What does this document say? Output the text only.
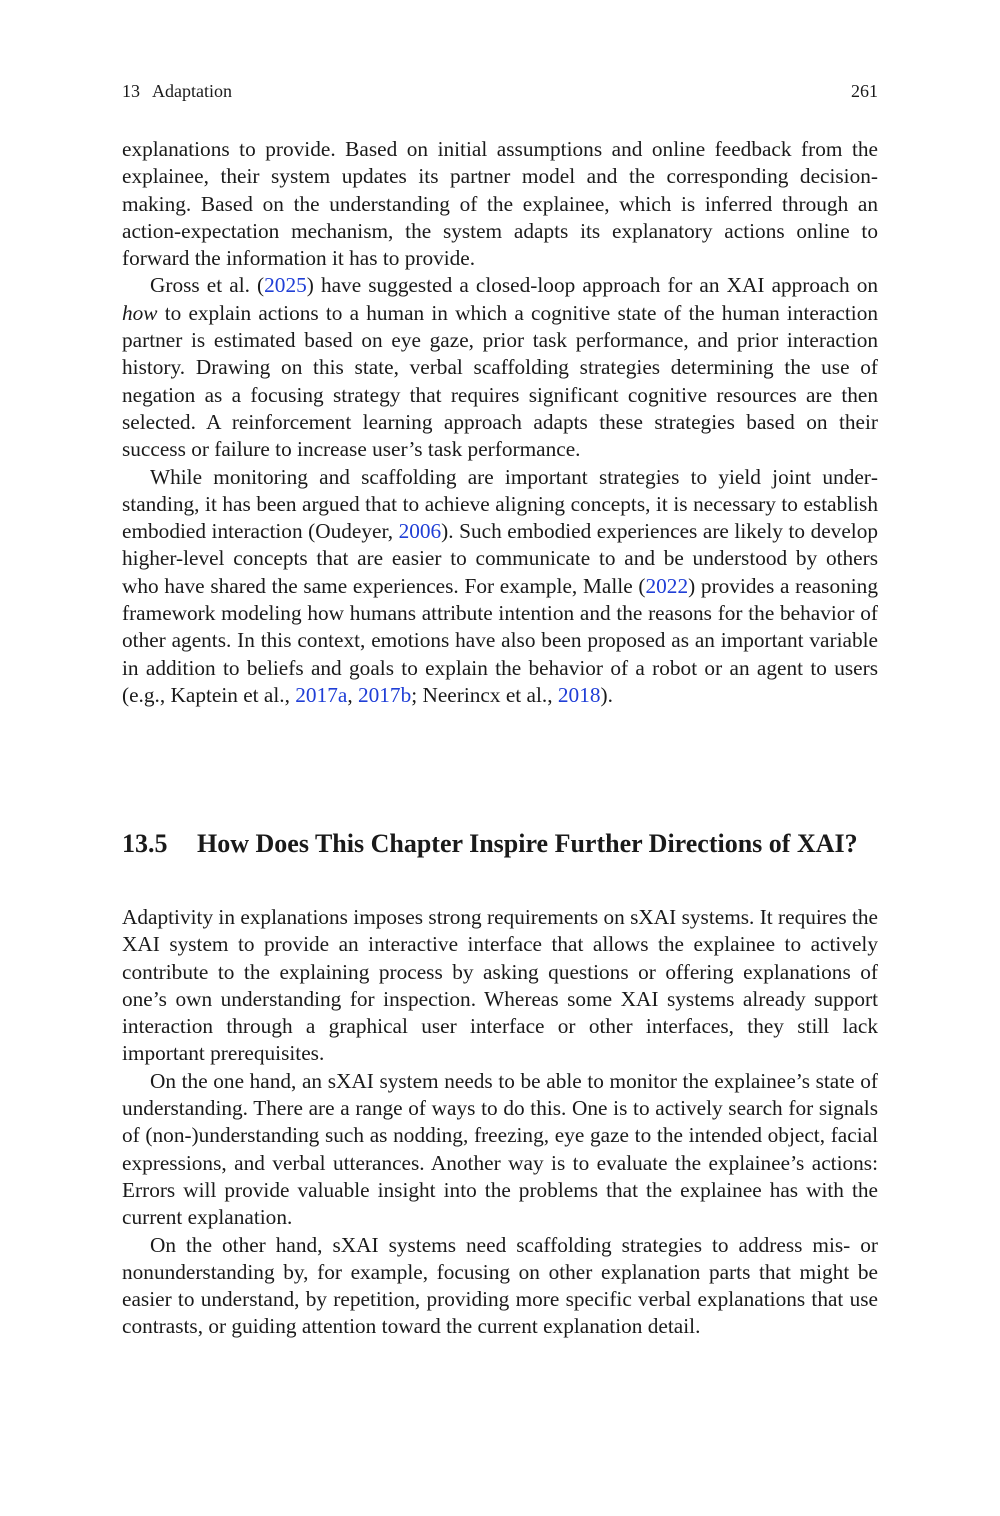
13 Adaptation	261

explanations to provide. Based on initial assumptions and online feedback from the explainee, their system updates its partner model and the corresponding decision-making. Based on the understanding of the explainee, which is inferred through an action-expectation mechanism, the system adapts its explanatory actions online to forward the information it has to provide.

Gross et al. (2025) have suggested a closed-loop approach for an XAI approach on how to explain actions to a human in which a cognitive state of the human interaction partner is estimated based on eye gaze, prior task performance, and prior interaction history. Drawing on this state, verbal scaffolding strategies determining the use of negation as a focusing strategy that requires significant cognitive resources are then selected. A reinforcement learning approach adapts these strategies based on their success or failure to increase user’s task performance.

While monitoring and scaffolding are important strategies to yield joint understanding, it has been argued that to achieve aligning concepts, it is necessary to establish embodied interaction (Oudeyer, 2006). Such embodied experiences are likely to develop higher-level concepts that are easier to communicate to and be understood by others who have shared the same experiences. For example, Malle (2022) provides a reasoning framework modeling how humans attribute intention and the reasons for the behavior of other agents. In this context, emotions have also been proposed as an important variable in addition to beliefs and goals to explain the behavior of a robot or an agent to users (e.g., Kaptein et al., 2017a, 2017b; Neerincx et al., 2018).

13.5	How Does This Chapter Inspire Further Directions of XAI?

Adaptivity in explanations imposes strong requirements on sXAI systems. It requires the XAI system to provide an interactive interface that allows the explainee to actively contribute to the explaining process by asking questions or offering explanations of one’s own understanding for inspection. Whereas some XAI systems already support interaction through a graphical user interface or other interfaces, they still lack important prerequisites.

On the one hand, an sXAI system needs to be able to monitor the explainee’s state of understanding. There are a range of ways to do this. One is to actively search for signals of (non-)understanding such as nodding, freezing, eye gaze to the intended object, facial expressions, and verbal utterances. Another way is to evaluate the explainee’s actions: Errors will provide valuable insight into the problems that the explainee has with the current explanation.

On the other hand, sXAI systems need scaffolding strategies to address mis- or nonunderstanding by, for example, focusing on other explanation parts that might be easier to understand, by repetition, providing more specific verbal explanations that use contrasts, or guiding attention toward the current explanation detail.
